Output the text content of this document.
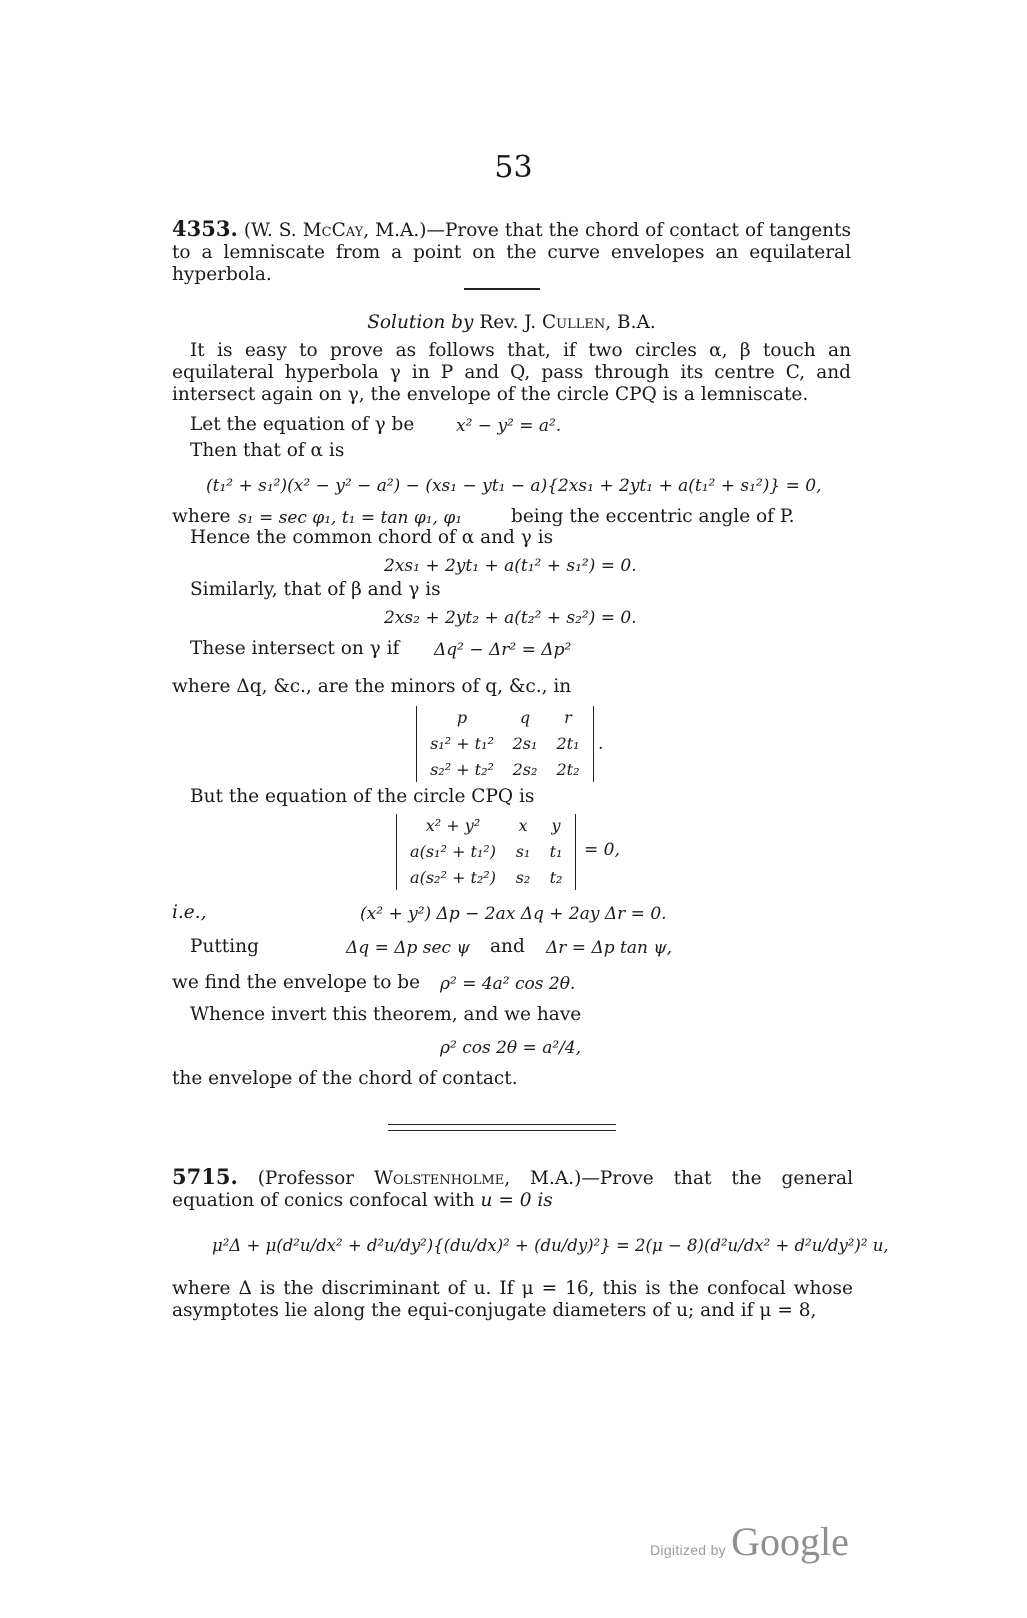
53
4353. (W. S. McCay, M.A.)—Prove that the chord of contact of tangents to a lemniscate from a point on the curve envelopes an equilateral hyperbola.
Solution by Rev. J. Cullen, B.A.
It is easy to prove as follows that, if two circles α, β touch an equilateral hyperbola γ in P and Q, pass through its centre C, and intersect again on γ, the envelope of the circle CPQ is a lemniscate.
Let the equation of γ be x² − y² = a².
Then that of α is
(t₁² + s₁²)(x² − y² − a²) − (xs₁ − yt₁ − a){2xs₁ + 2yt₁ + a(t₁² + s₁²)} = 0,
where s₁ = sec φ₁, t₁ = tan φ₁, φ₁	being the eccentric angle of P.
Hence the common chord of α and γ is
2xs₁ + 2yt₁ + a(t₁² + s₁²) = 0.
Similarly, that of β and γ is
2xs₂ + 2yt₂ + a(t₂² + s₂²) = 0.
These intersect on γ if Δq² − Δr² = Δp²
where Δq, &c., are the minors of q, &c., in
p	q	r
s₁² + t₁²	2s₁	2t₁
s₂² + t₂²	2s₂	2t₂
.
But the equation of the circle CPQ is
x² + y²	x	y
a(s₁² + t₁²)	s₁	t₁
a(s₂² + t₂²)	s₂	t₂
= 0,
i.e.,	(x² + y²) Δp − 2ax Δq + 2ay Δr = 0.
Putting	Δq = Δp sec ψ and Δr = Δp tan ψ,
we find the envelope to be ρ² = 4a² cos 2θ.
Whence invert this theorem, and we have
ρ² cos 2θ = a²/4,
the envelope of the chord of contact.
5715. (Professor Wolstenholme, M.A.)—Prove that the general equation of conics confocal with u = 0 is
μ²Δ + μ(d²u/dx² + d²u/dy²){(du/dx)² + (du/dy)²} = 2(μ − 8)(d²u/dx² + d²u/dy²)² u,
where Δ is the discriminant of u. If μ = 16, this is the confocal whose asymptotes lie along the equi-conjugate diameters of u; and if μ = 8,
Digitized by Google
